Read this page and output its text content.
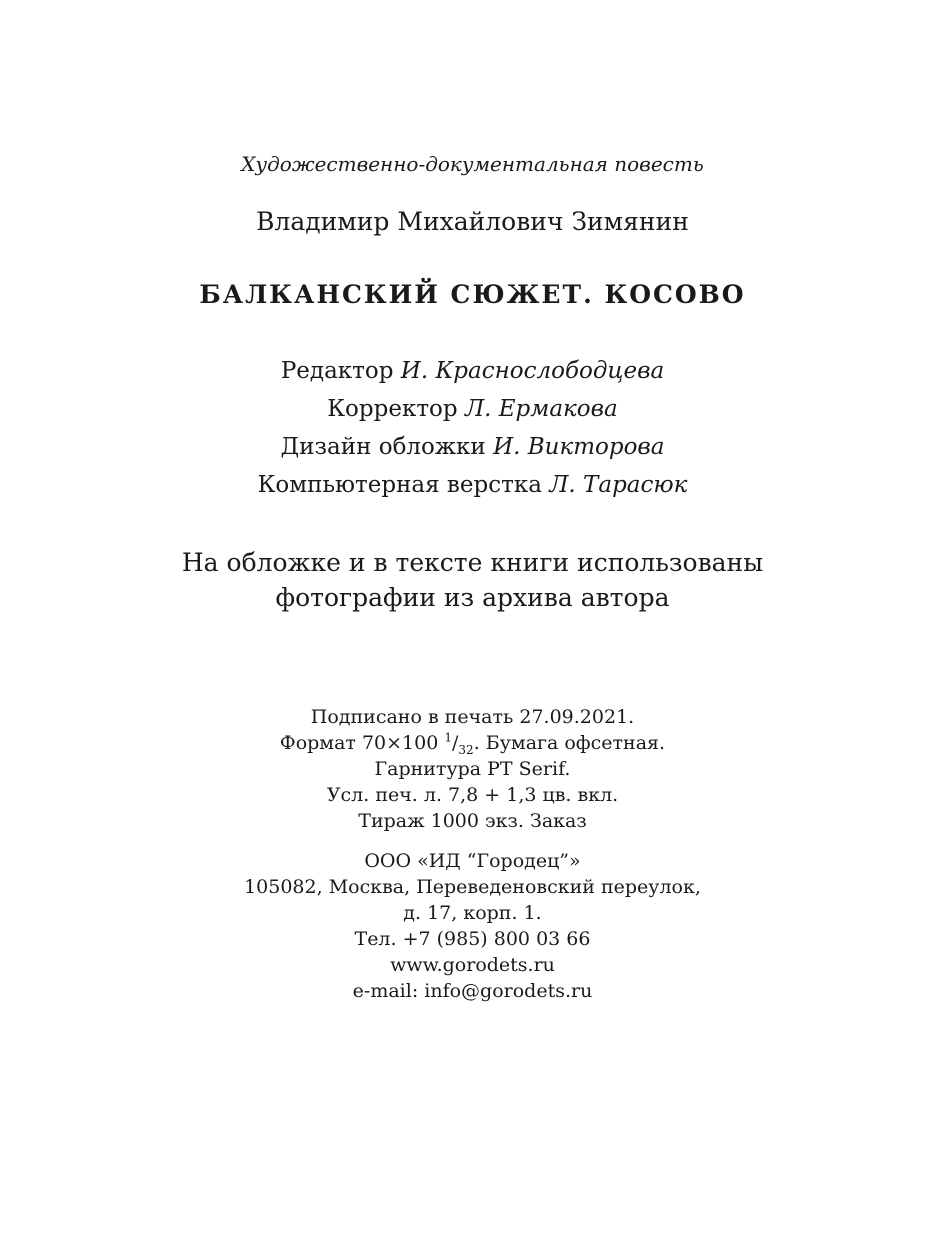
Художественно-документальная повесть
Владимир Михайлович Зимянин
БАЛКАНСКИЙ СЮЖЕТ. КОСОВО
Редактор И. Краснослободцева
Корректор Л. Ермакова
Дизайн обложки И. Викторова
Компьютерная верстка Л. Тарасюк
На обложке и в тексте книги использованы
фотографии из архива автора
Подписано в печать 27.09.2021.
Формат 70×100 $^1/_{32}$. Бумага офсетная.
Гарнитура PT Serif.
Усл. печ. л. 7,8 + 1,3 цв. вкл.
Тираж 1000 экз. Заказ
ООО «ИД “Городец”»
105082, Москва, Переведеновский переулок,
д. 17, корп. 1.
Тел. +7 (985) 800 03 66
www.gorodets.ru
e-mail: info@gorodets.ru
